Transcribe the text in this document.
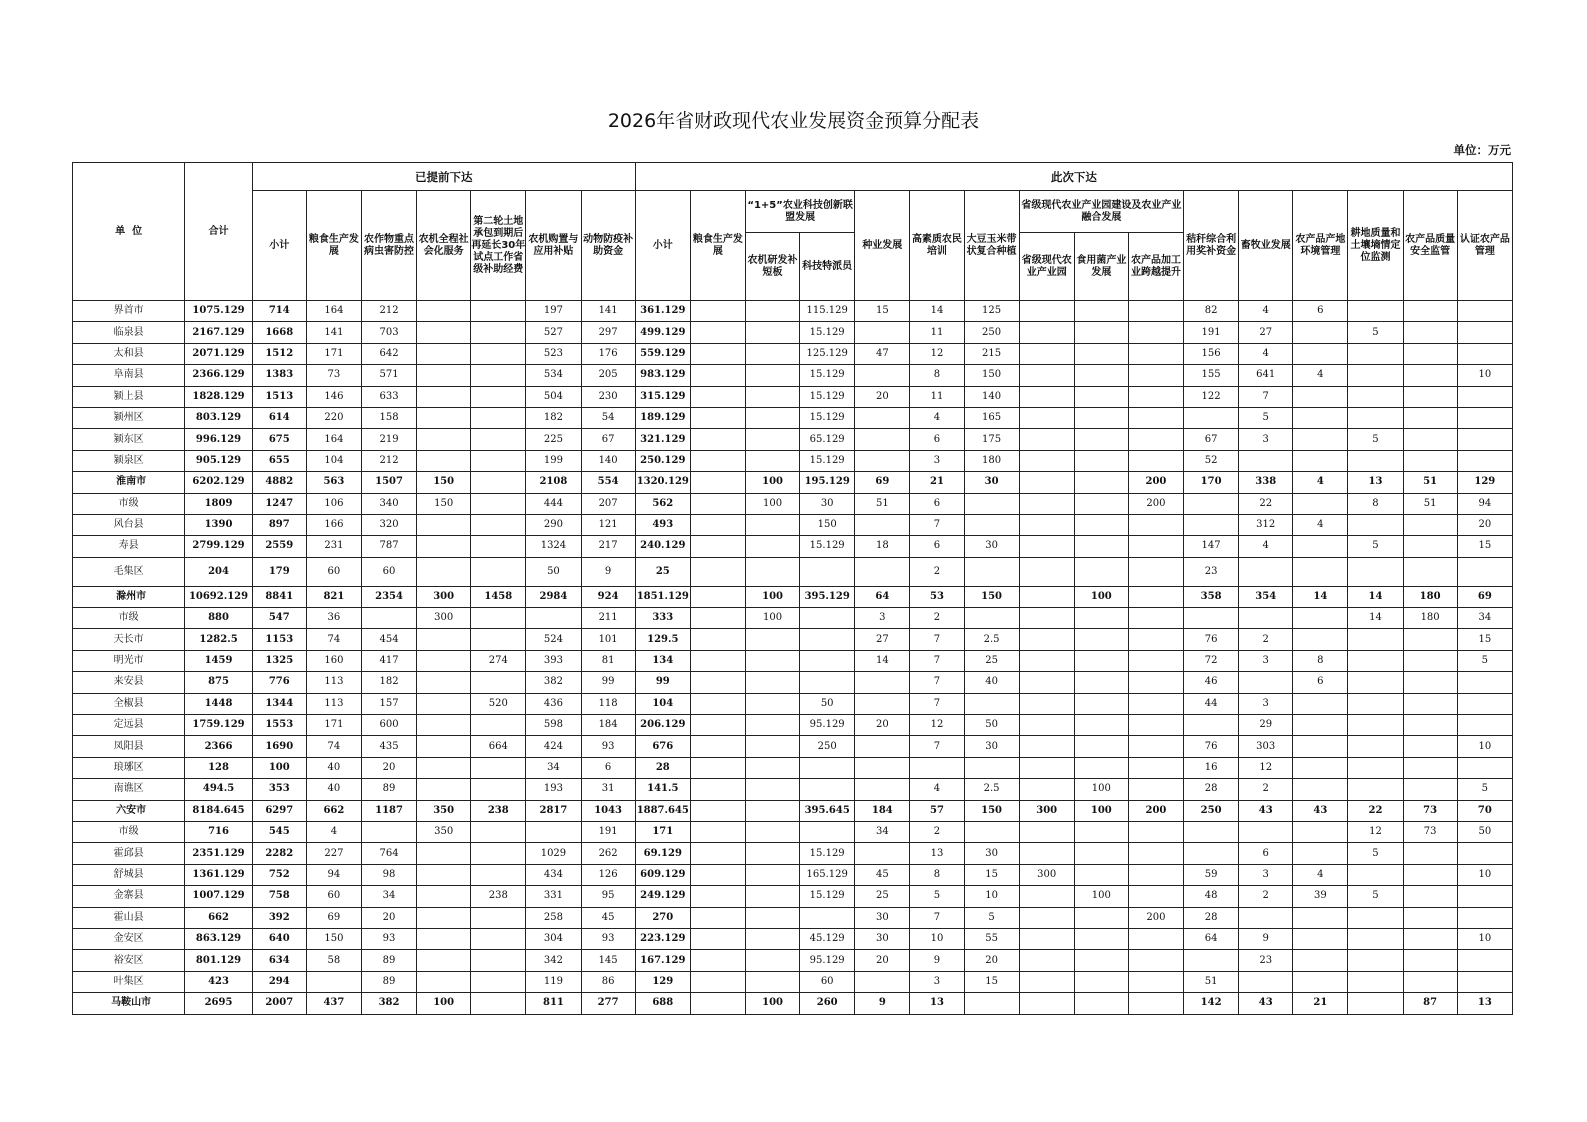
2026年省财政现代农业发展资金预算分配表
单位：万元
单  位	合计	已提前下达							此次下达															
		小计	粮食生产发展	农作物重点病虫害防控	农机全程社会化服务	第二轮土地承包到期后再延长30年试点工作省级补助经费	农机购置与应用补贴	动物防疫补助资金	小计	粮食生产发展	“1+5”农业科技创新联盟发展		种业发展	高素质农民培训	大豆玉米带状复合种植	省级现代农业产业园建设及农业产业融合发展			秸秆综合利用奖补资金	畜牧业发展	农产品产地环境管理	耕地质量和土壤墒情定位监测	农产品质量安全监管	认证农产品管理
											农机研发补短板	科技特派员				省级现代农业产业园	食用菌产业发展	农产品加工业跨越提升						
界首市	1075.129	714	164	212			197	141	361.129			115.129	15	14	125				82	4	6			
临泉县	2167.129	1668	141	703			527	297	499.129			15.129		11	250				191	27		5		
太和县	2071.129	1512	171	642			523	176	559.129			125.129	47	12	215				156	4				
阜南县	2366.129	1383	73	571			534	205	983.129			15.129		8	150				155	641	4			10
颍上县	1828.129	1513	146	633			504	230	315.129			15.129	20	11	140				122	7				
颍州区	803.129	614	220	158			182	54	189.129			15.129		4	165					5				
颍东区	996.129	675	164	219			225	67	321.129			65.129		6	175				67	3		5		
颍泉区	905.129	655	104	212			199	140	250.129			15.129		3	180				52					
淮南市	6202.129	4882	563	1507	150		2108	554	1320.129		100	195.129	69	21	30			200	170	338	4	13	51	129
市级	1809	1247	106	340	150		444	207	562		100	30	51	6				200		22		8	51	94
风台县	1390	897	166	320			290	121	493			150		7						312	4			20
寿县	2799.129	2559	231	787			1324	217	240.129			15.129	18	6	30				147	4		5		15
毛集区	204	179	60	60			50	9	25					2					23					
滁州市	10692.129	8841	821	2354	300	1458	2984	924	1851.129		100	395.129	64	53	150		100		358	354	14	14	180	69
市级	880	547	36		300			211	333		100		3	2								14	180	34
天长市	1282.5	1153	74	454			524	101	129.5				27	7	2.5				76	2				15
明光市	1459	1325	160	417		274	393	81	134				14	7	25				72	3	8			5
来安县	875	776	113	182			382	99	99					7	40				46		6			
全椒县	1448	1344	113	157		520	436	118	104			50		7					44	3				
定远县	1759.129	1553	171	600			598	184	206.129			95.129	20	12	50					29				
凤阳县	2366	1690	74	435		664	424	93	676			250		7	30				76	303				10
琅琊区	128	100	40	20			34	6	28										16	12				
南谯区	494.5	353	40	89			193	31	141.5					4	2.5		100		28	2				5
六安市	8184.645	6297	662	1187	350	238	2817	1043	1887.645			395.645	184	57	150	300	100	200	250	43	43	22	73	70
市级	716	545	4		350			191	171				34	2								12	73	50
霍邱县	2351.129	2282	227	764			1029	262	69.129			15.129		13	30					6		5		
舒城县	1361.129	752	94	98			434	126	609.129			165.129	45	8	15	300			59	3	4			10
金寨县	1007.129	758	60	34		238	331	95	249.129			15.129	25	5	10		100		48	2	39	5		
霍山县	662	392	69	20			258	45	270				30	7	5			200	28					
金安区	863.129	640	150	93			304	93	223.129			45.129	30	10	55				64	9				10
裕安区	801.129	634	58	89			342	145	167.129			95.129	20	9	20					23				
叶集区	423	294		89			119	86	129			60		3	15				51					
马鞍山市	2695	2007	437	382	100		811	277	688		100	260	9	13					142	43	21		87	13
